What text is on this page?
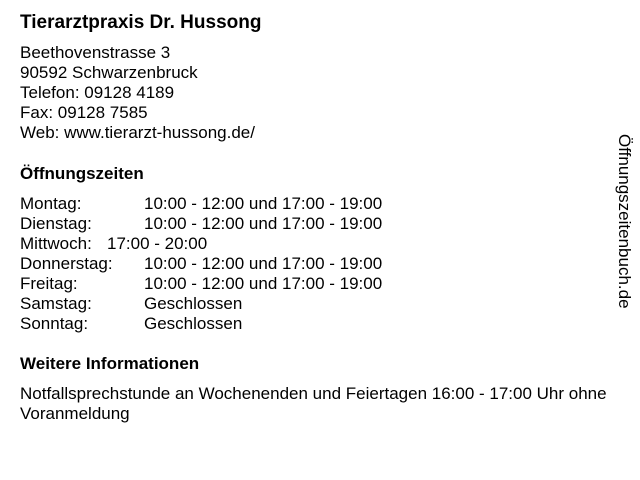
Tierarztpraxis Dr. Hussong
Beethovenstrasse 3
90592 Schwarzenbruck
Telefon: 09128 4189
Fax: 09128 7585
Web: www.tierarzt-hussong.de/
Öffnungszeiten
Montag:	10:00 - 12:00 und 17:00 - 19:00
Dienstag:	10:00 - 12:00 und 17:00 - 19:00
Mittwoch: 17:00 - 20:00
Donnerstag: 10:00 - 12:00 und 17:00 - 19:00
Freitag:	10:00 - 12:00 und 17:00 - 19:00
Samstag:	Geschlossen
Sonntag:	Geschlossen
Weitere Informationen
Notfallsprechstunde an Wochenenden und Feiertagen 16:00 - 17:00 Uhr ohne Voranmeldung
Öffnungszeitenbuch.de
